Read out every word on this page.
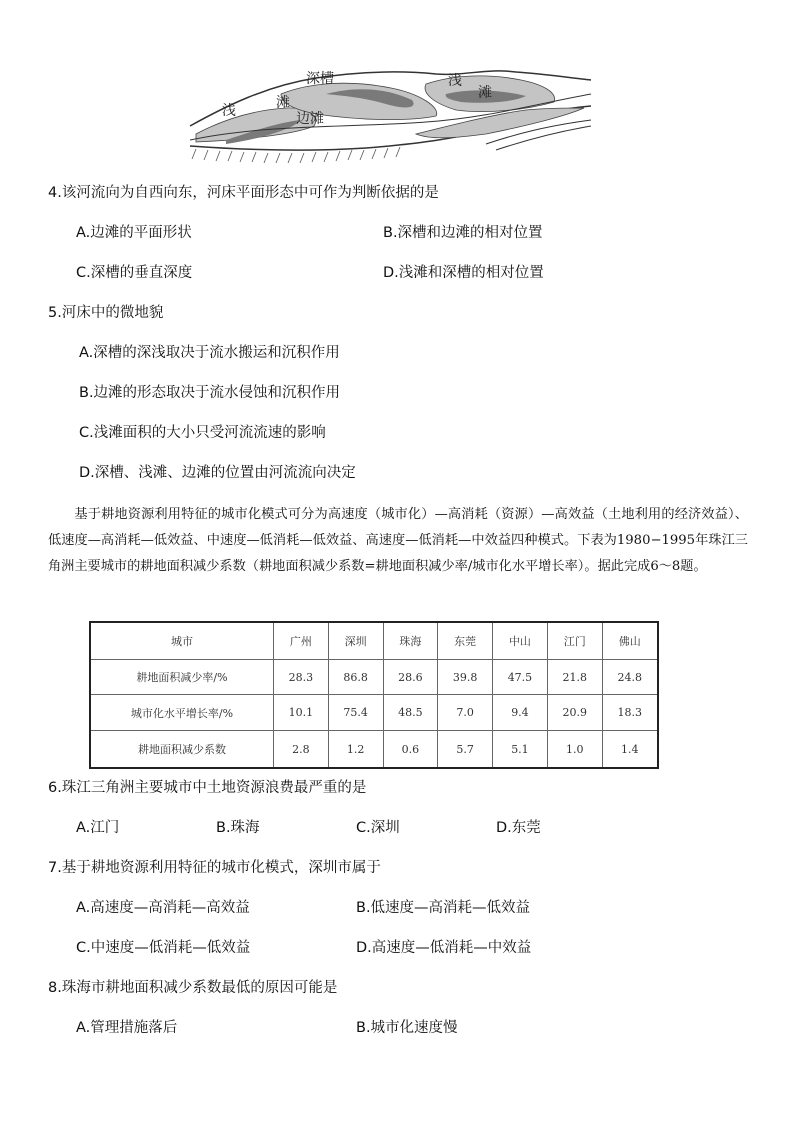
深槽
浅	滩
边滩
浅
滩
4.该河流向为自西向东，河床平面形态中可作为判断依据的是
A.边滩的平面形状	B.深槽和边滩的相对位置
C.深槽的垂直深度	D.浅滩和深槽的相对位置
5.河床中的微地貌
A.深槽的深浅取决于流水搬运和沉积作用
B.边滩的形态取决于流水侵蚀和沉积作用
C.浅滩面积的大小只受河流流速的影响
D.深槽、浅滩、边滩的位置由河流流向决定
基于耕地资源利用特征的城市化模式可分为高速度（城市化）—高消耗（资源）—高效益（土地利用的经济效益）、低速度—高消耗—低效益、中速度—低消耗—低效益、高速度—低消耗—中效益四种模式。下表为1980−1995年珠江三角洲主要城市的耕地面积减少系数（耕地面积减少系数=耕地面积减少率/城市化水平增长率）。据此完成6～8题。
城市	广州	深圳	珠海	东莞	中山	江门	佛山
耕地面积减少率/%	28.3	86.8	28.6	39.8	47.5	21.8	24.8
城市化水平增长率/%	10.1	75.4	48.5	7.0	9.4	20.9	18.3
耕地面积减少系数	2.8	1.2	0.6	5.7	5.1	1.0	1.4
6.珠江三角洲主要城市中土地资源浪费最严重的是
A.江门	B.珠海	C.深圳	D.东莞
7.基于耕地资源利用特征的城市化模式，深圳市属于
A.高速度—高消耗—高效益	B.低速度—高消耗—低效益
C.中速度—低消耗—低效益	D.高速度—低消耗—中效益
8.珠海市耕地面积减少系数最低的原因可能是
A.管理措施落后	B.城市化速度慢
